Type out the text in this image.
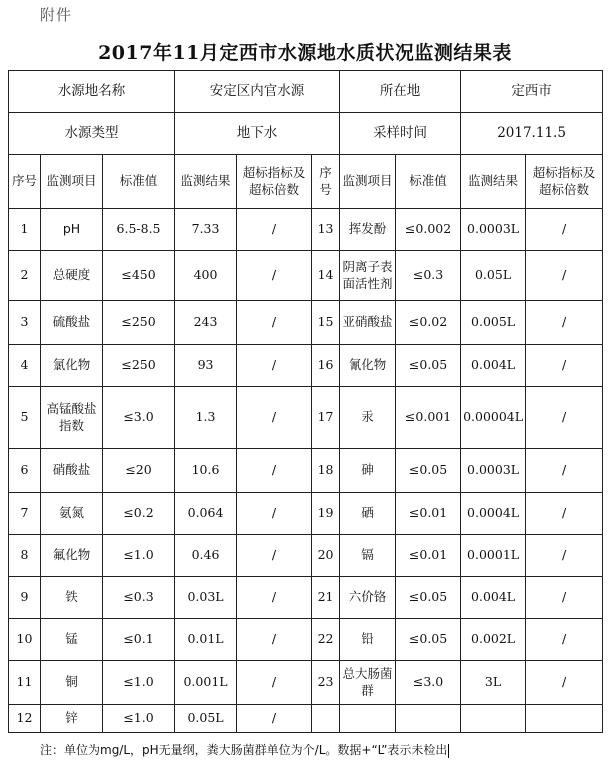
附件
2017年11月定西市水源地水质状况监测结果表
水源地名称			安定区内官水源			所在地		定西市	
水源类型			地下水			采样时间		2017.11.5	
序号	监测项目	标准值	监测结果	超标指标及超标倍数	序号	监测项目	标准值	监测结果	超标指标及超标倍数
1	pH	6.5-8.5	7.33	/	13	挥发酚	≤0.002	0.0003L	/
2	总硬度	≤450	400	/	14	阴离子表面活性剂	≤0.3	0.05L	/
3	硫酸盐	≤250	243	/	15	亚硝酸盐	≤0.02	0.005L	/
4	氯化物	≤250	93	/	16	氰化物	≤0.05	0.004L	/
5	高锰酸盐指数	≤3.0	1.3	/	17	汞	≤0.001	0.00004L	/
6	硝酸盐	≤20	10.6	/	18	砷	≤0.05	0.0003L	/
7	氨氮	≤0.2	0.064	/	19	硒	≤0.01	0.0004L	/
8	氟化物	≤1.0	0.46	/	20	镉	≤0.01	0.0001L	/
9	铁	≤0.3	0.03L	/	21	六价铬	≤0.05	0.004L	/
10	锰	≤0.1	0.01L	/	22	铅	≤0.05	0.002L	/
11	铜	≤1.0	0.001L	/	23	总大肠菌群	≤3.0	3L	/
12	锌	≤1.0	0.05L	/					
注：单位为mg/L，pH无量纲，粪大肠菌群单位为个/L。数据+“L”表示未检出
